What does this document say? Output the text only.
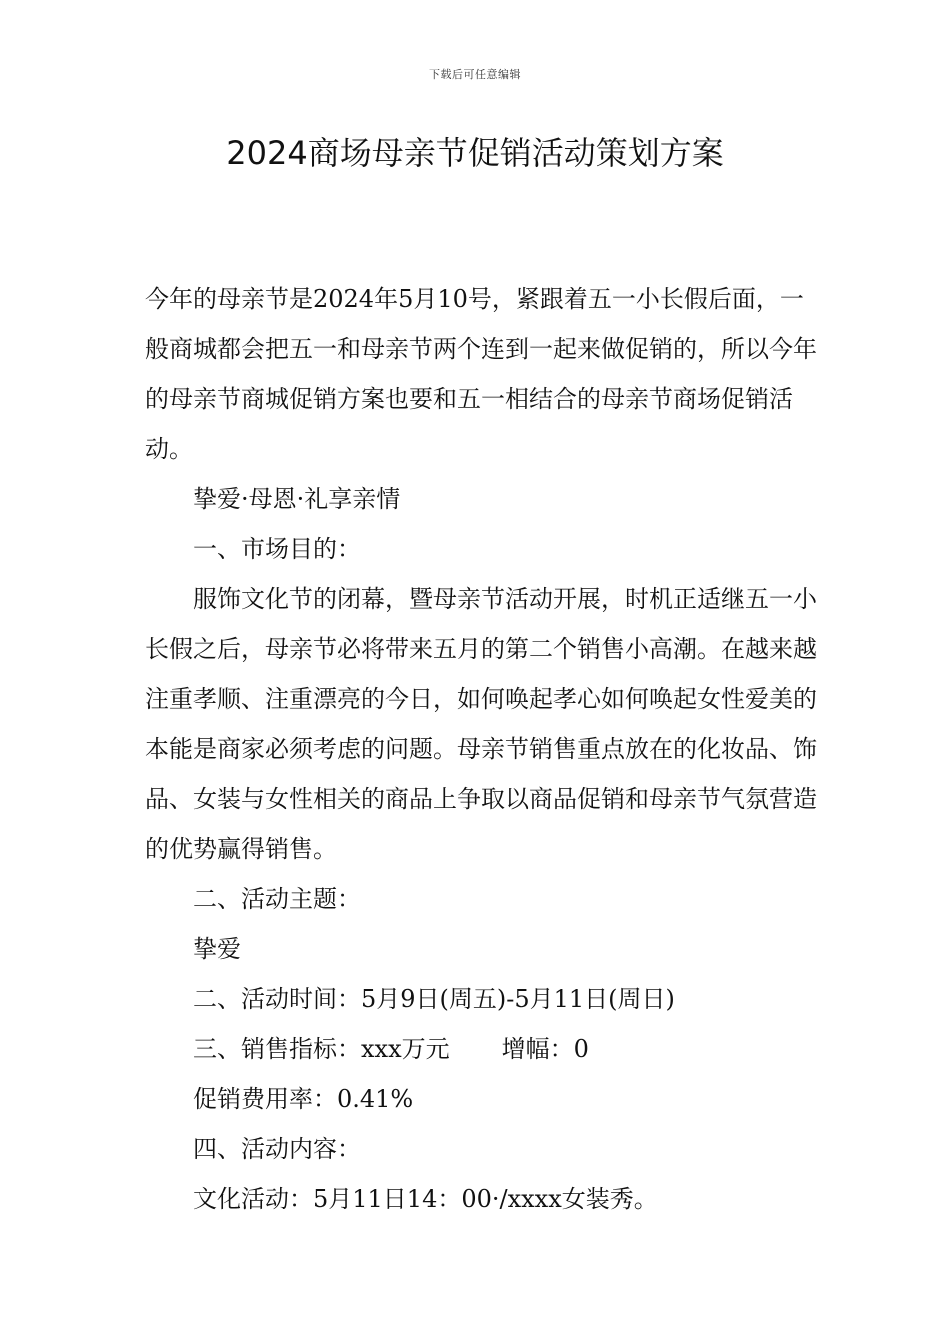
下载后可任意编辑
2024商场母亲节促销活动策划方案

今年的母亲节是2024年5月10号，紧跟着五一小长假后面，一般商城都会把五一和母亲节两个连到一起来做促销的，所以今年的母亲节商城促销方案也要和五一相结合的母亲节商场促销活动。

挚爱·母恩·礼享亲情

一、市场目的：

服饰文化节的闭幕，暨母亲节活动开展，时机正适继五一小长假之后，母亲节必将带来五月的第二个销售小高潮。在越来越注重孝顺、注重漂亮的今日，如何唤起孝心如何唤起女性爱美的本能是商家必须考虑的问题。母亲节销售重点放在的化妆品、饰品、女装与女性相关的商品上争取以商品促销和母亲节气氛营造的优势赢得销售。

二、活动主题：

挚爱

二、活动时间：5月9日(周五)-5月11日(周日)

三、销售指标：xxx万元 增幅：0

促销费用率：0.41%

四、活动内容：

文化活动：5月11日14：00·/xxxx女装秀。
